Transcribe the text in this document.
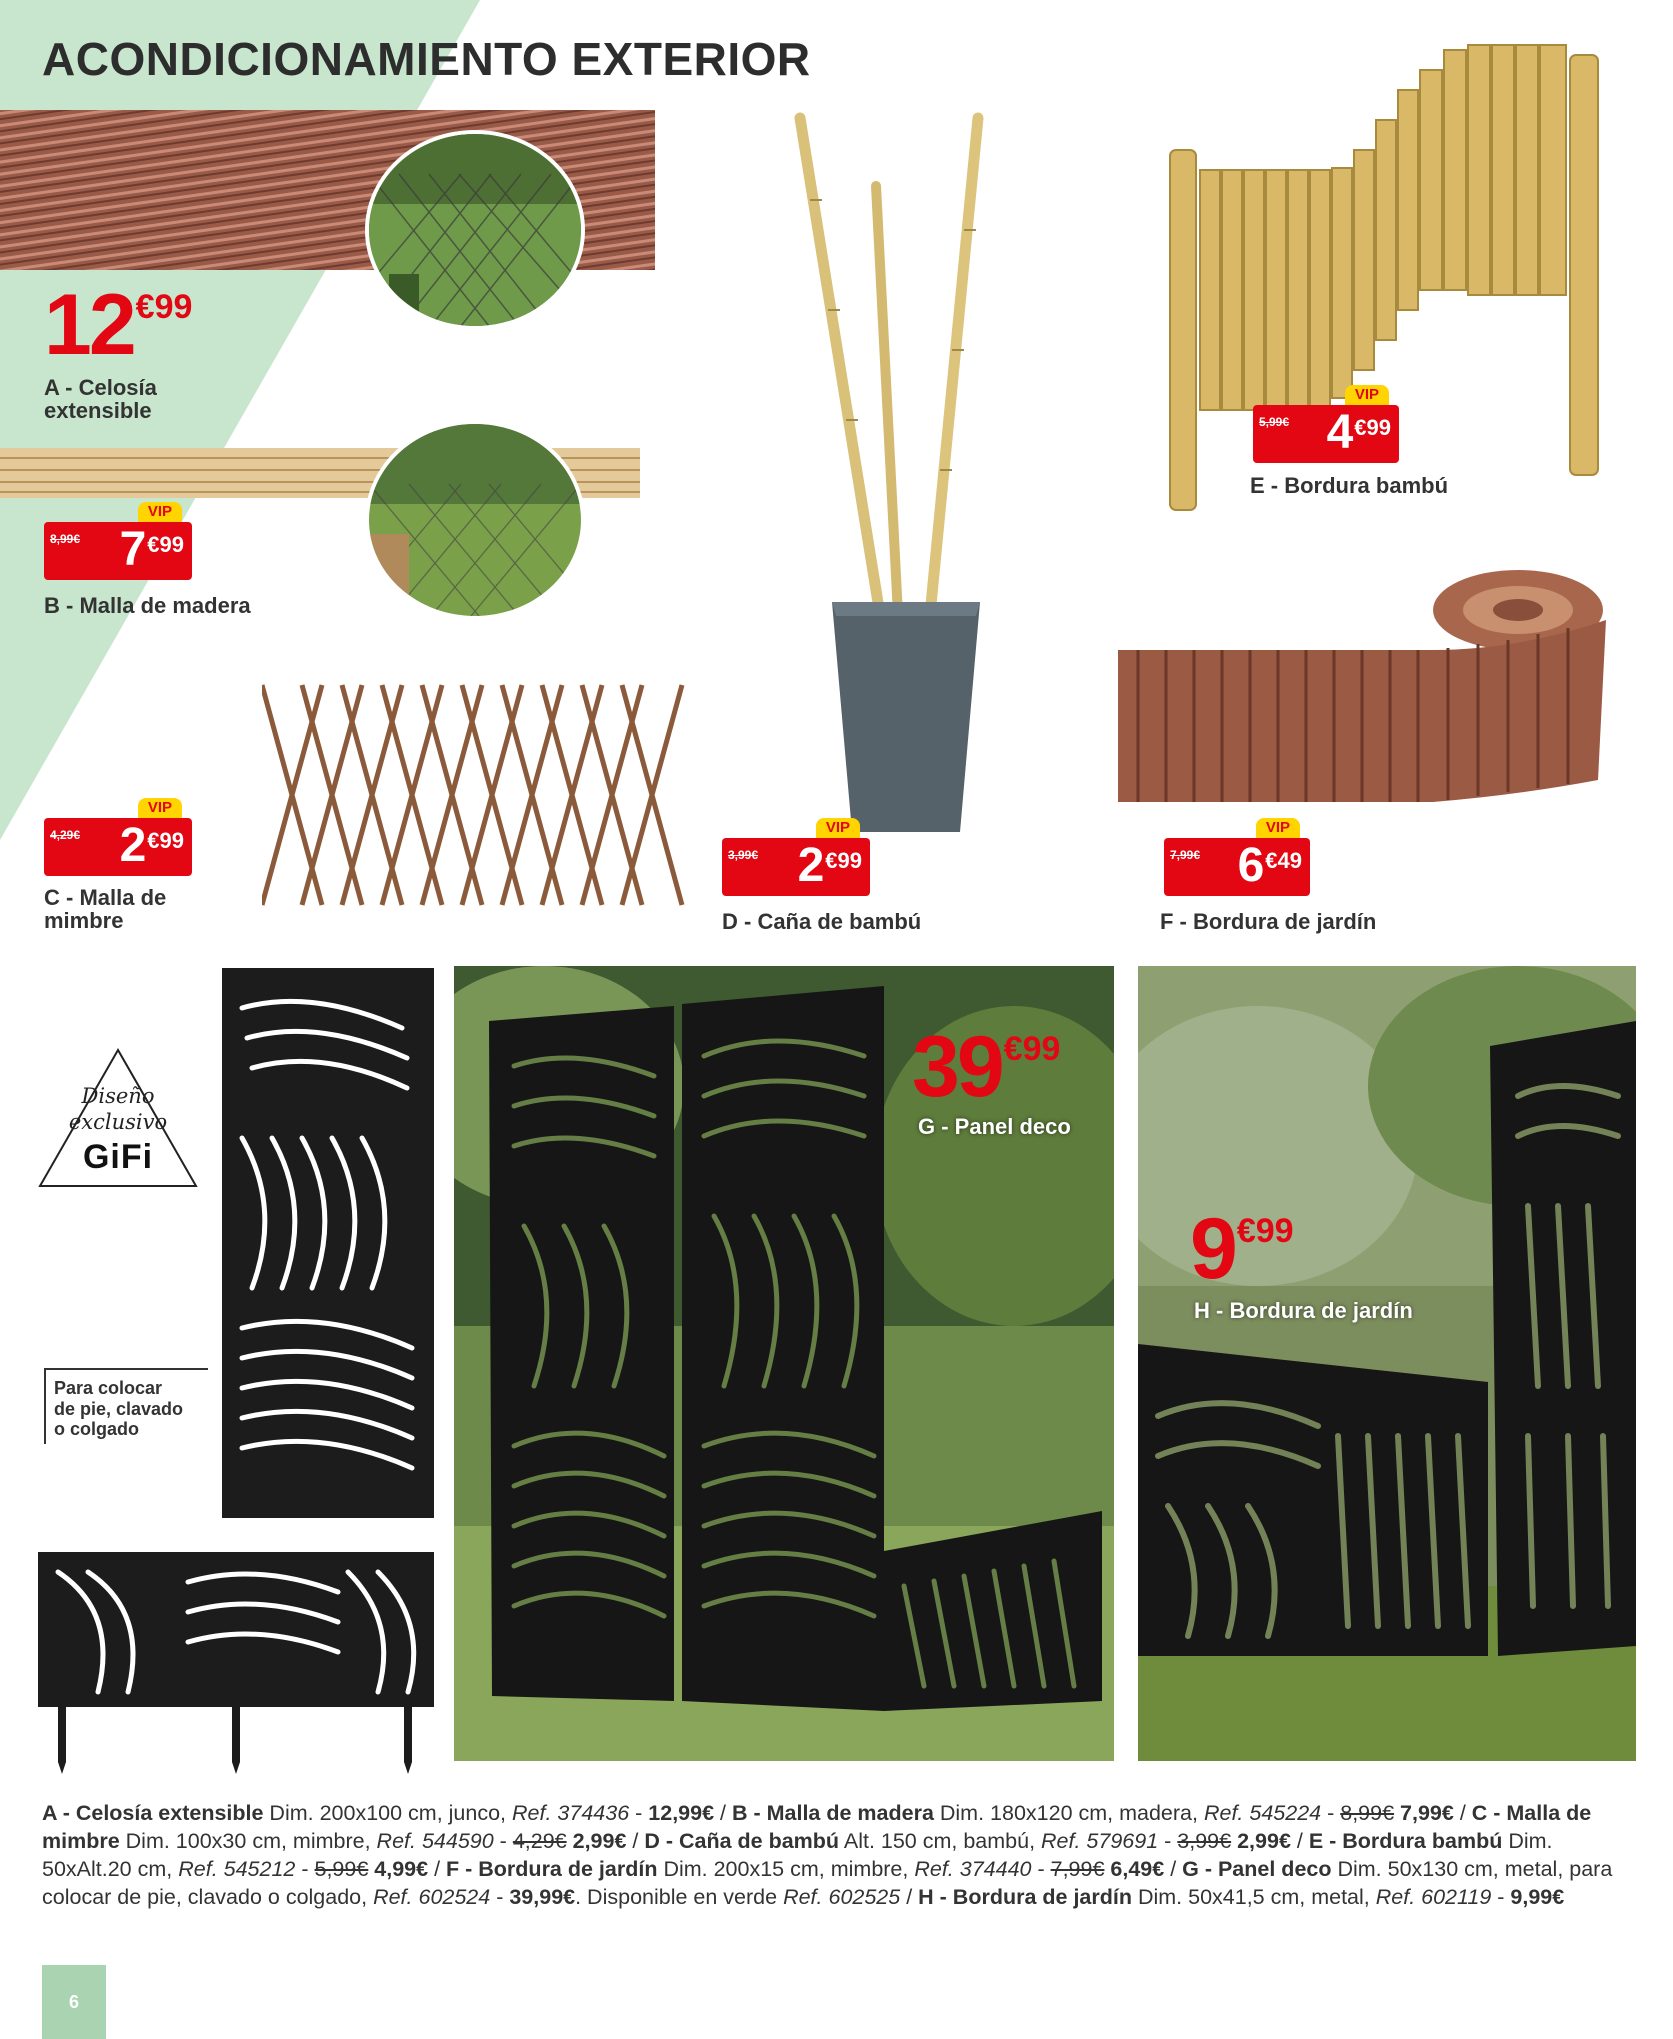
ACONDICIONAMIENTO EXTERIOR
12€99
A - Celosía
extensible
VIP
8,99€ 7€99
B - Malla de madera
VIP
4,29€ 2€99
C - Malla de
mimbre
VIP
3,99€ 2€99
D - Caña de bambú
VIP
5,99€ 4€99
E - Bordura bambú
VIP
7,99€ 6€49
F - Bordura de jardín
Diseño
exclusivo
GiFi
Para colocar
de pie, clavado
o colgado
39€99
G - Panel deco
9€99
H - Bordura de jardín

A - Celosía extensible Dim. 200x100 cm, junco, Ref. 374436 - 12,99€ / B - Malla de madera Dim. 180x120 cm, madera, Ref. 545224 - 8,99€ 7,99€ / C - Malla de mimbre Dim. 100x30 cm, mimbre, Ref. 544590 - 4,29€ 2,99€ / D - Caña de bambú Alt. 150 cm, bambú, Ref. 579691 - 3,99€ 2,99€ / E - Bordura bambú Dim. 50xAlt.20 cm, Ref. 545212 - 5,99€ 4,99€ / F - Bordura de jardín Dim. 200x15 cm, mimbre, Ref. 374440 - 7,99€ 6,49€ / G - Panel deco Dim. 50x130 cm, metal, para colocar de pie, clavado o colgado, Ref. 602524 - 39,99€. Disponible en verde Ref. 602525 / H - Bordura de jardín Dim. 50x41,5 cm, metal, Ref. 602119 - 9,99€

6
